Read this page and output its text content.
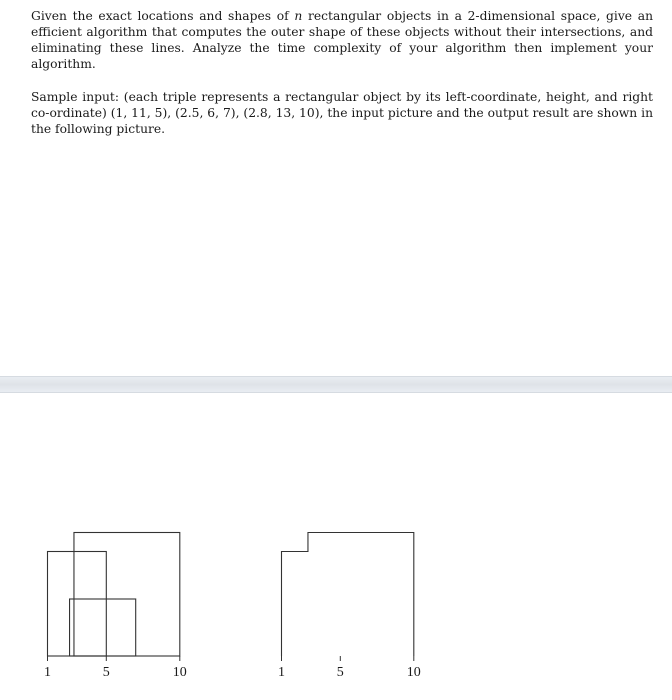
Given the exact locations and shapes of n rectangular objects in a 2-dimensional space, give an efficient algorithm that computes the outer shape of these objects without their intersections, and eliminating these lines. Analyze the time complexity of your algorithm then implement your algorithm.

Sample input: (each triple represents a rectangular object by its left-coordinate, height, and right co-ordinate) (1, 11, 5), (2.5, 6, 7), (2.8, 13, 10), the input picture and the output result are shown in the following picture.

1	5	10	1	5	10
